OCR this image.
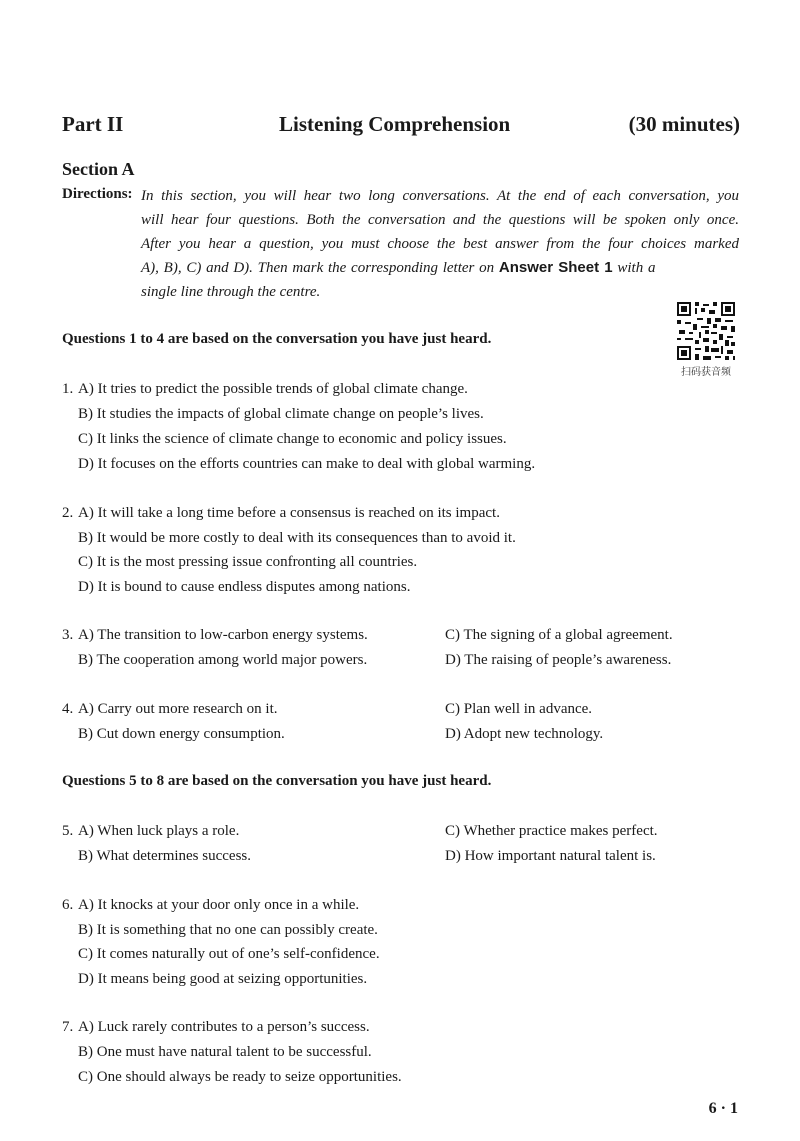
Part II	Listening Comprehension	(30 minutes)
Section A
Directions: In this section, you will hear two long conversations. At the end of each conversation, you
will hear four questions. Both the conversation and the questions will be spoken only once.
After you hear a question, you must choose the best answer from the four choices marked
A), B), C) and D). Then mark the corresponding letter on Answer Sheet 1 with a
single line through the centre.
扫码获音频
Questions 1 to 4 are based on the conversation you have just heard.
1. A) It tries to predict the possible trends of global climate change.
B) It studies the impacts of global climate change on people’s lives.
C) It links the science of climate change to economic and policy issues.
D) It focuses on the efforts countries can make to deal with global warming.
2. A) It will take a long time before a consensus is reached on its impact.
B) It would be more costly to deal with its consequences than to avoid it.
C) It is the most pressing issue confronting all countries.
D) It is bound to cause endless disputes among nations.
3. A) The transition to low-carbon energy systems.
B) The cooperation among world major powers.
C) The signing of a global agreement.
D) The raising of people’s awareness.
4. A) Carry out more research on it.
B) Cut down energy consumption.
C) Plan well in advance.
D) Adopt new technology.
Questions 5 to 8 are based on the conversation you have just heard.
5. A) When luck plays a role.
B) What determines success.
C) Whether practice makes perfect.
D) How important natural talent is.
6. A) It knocks at your door only once in a while.
B) It is something that no one can possibly create.
C) It comes naturally out of one’s self-confidence.
D) It means being good at seizing opportunities.
7. A) Luck rarely contributes to a person’s success.
B) One must have natural talent to be successful.
C) One should always be ready to seize opportunities.
6 · 1
